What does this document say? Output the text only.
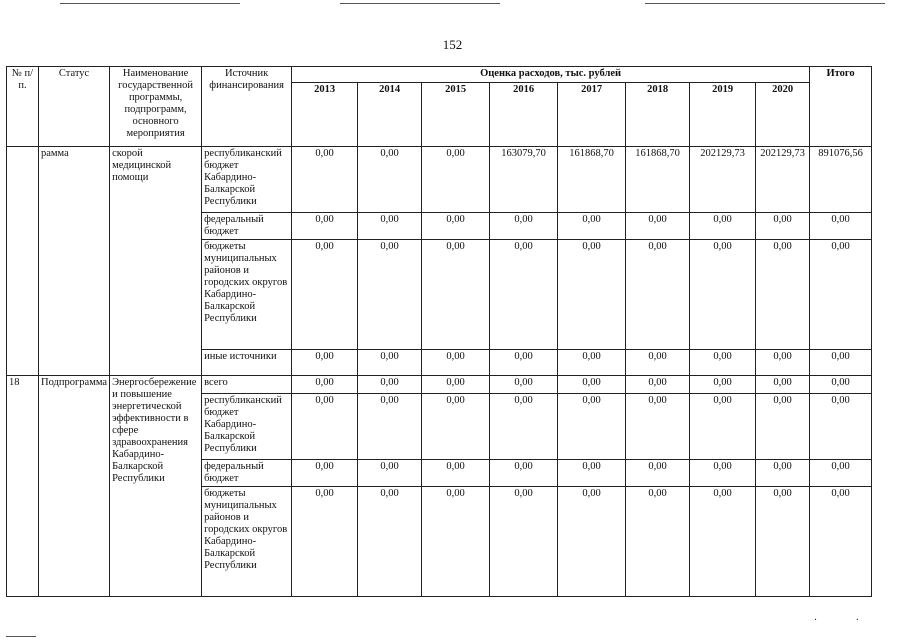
152
№ п/п.	Статус	Наименование государственной программы, подпрограмм, основного мероприятия	Источник финансирования	Оценка расходов, тыс. рублей								Итого
				2013	2014	2015	2016	2017	2018	2019	2020	
	рамма	скорой медицинской помощи	республиканский бюджет Кабардино-Балкарской Республики	0,00	0,00	0,00	163079,70	161868,70	161868,70	202129,73	202129,73	891076,56
			федеральный бюджет	0,00	0,00	0,00	0,00	0,00	0,00	0,00	0,00	0,00
			бюджеты муниципальных районов и городских округов Кабардино-Балкарской Республики	0,00	0,00	0,00	0,00	0,00	0,00	0,00	0,00	0,00
			иные источники	0,00	0,00	0,00	0,00	0,00	0,00	0,00	0,00	0,00
18	Подпрограмма	Энергосбережение и повышение энергетической эффективности в сфере здравоохранения Кабардино-Балкарской Республики	всего	0,00	0,00	0,00	0,00	0,00	0,00	0,00	0,00	0,00
			республиканский бюджет Кабардино-Балкарской Республики	0,00	0,00	0,00	0,00	0,00	0,00	0,00	0,00	0,00
			федеральный бюджет	0,00	0,00	0,00	0,00	0,00	0,00	0,00	0,00	0,00
			бюджеты муниципальных районов и городских округов Кабардино-Балкарской Республики	0,00	0,00	0,00	0,00	0,00	0,00	0,00	0,00	0,00
· ·
